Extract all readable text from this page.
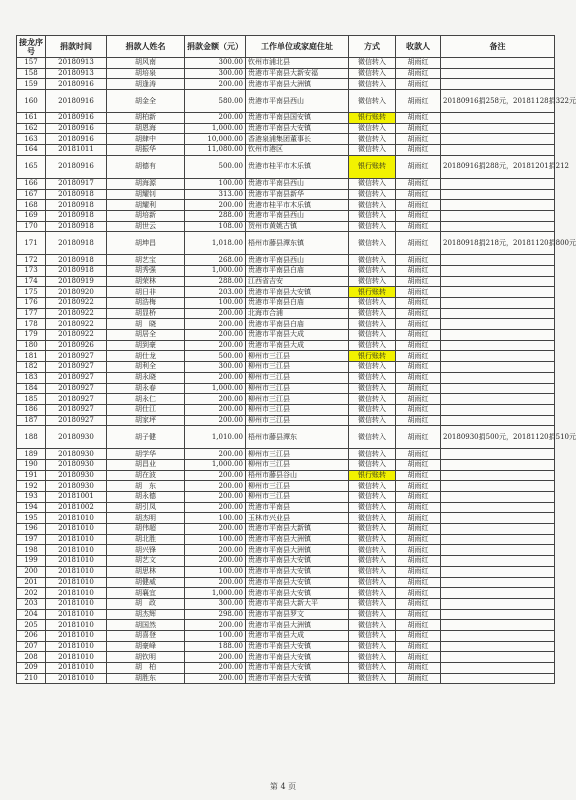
接龙序号	捐款时间	捐款人姓名	捐款金额（元）	工作单位或家庭住址	方式	收款人	备注
157	20180913	胡风南	300.00	钦州市浦北县	微信转入	胡雨红	
158	20180913	胡培泉	300.00	贵港市平南县大新安福	微信转入	胡雨红	
159	20180916	胡逢涛	200.00	贵港市平南县大洲镇	微信转入	胡雨红	
160	20180916	胡金全	580.00	贵港市平南县西山	微信转入	胡雨红	20180916捐258元，20181128捐322元
161	20180916	胡柏新	200.00	贵港市平南县国安镇	银行账转	胡雨红	
162	20180916	胡恩海	1,000.00	贵港市平南县大安镇	微信转入	胡雨红	
163	20180916	胡肆中	10,000.00	香港泉浦集团董事长	微信转入	胡雨红	
164	20181011	胡振华	11,080.00	钦州市港区	微信转入	胡雨红	
165	20180916	胡德有	500.00	贵港市桂平市木乐镇	银行账转	胡雨红	20180916捐288元，20181201捐212
166	20180917	胡海源	100.00	贵港市平南县西山	微信转入	胡雨红	
167	20180918	胡耀钊	313.00	贵港市平南县新华	微信转入	胡雨红	
168	20180918	胡耀利	200.00	贵港市桂平市木乐镇	微信转入	胡雨红	
169	20180918	胡培新	288.00	贵港市平南县西山	微信转入	胡雨红	
170	20180918	胡世云	108.00	贺州市黄姚古镇	微信转入	胡雨红	
171	20180918	胡坤昌	1,018.00	梧州市藤县潭东镇	微信转入	胡雨红	20180918捐218元，20181120捐800元
172	20180918	胡艺宝	268.00	贵港市平南县西山	微信转入	胡雨红	
173	20180918	胡秀强	1,000.00	贵港市平南县白庙	微信转入	胡雨红	
174	20180919	胡荣林	288.00	江西省吉安	微信转入	胡雨红	
175	20180920	胡日非	203.00	贵港市平南县大安镇	银行账转	胡雨红	
176	20180922	胡浩梅	100.00	贵港市平南县白庙	微信转入	胡雨红	
177	20180922	胡显桥	200.00	北海市合浦	微信转入	胡雨红	
178	20180922	胡　晓	200.00	贵港市平南县白庙	微信转入	胡雨红	
179	20180922	胡居全	200.00	贵港市平南县大成	微信转入	胡雨红	
180	20180926	胡到豪	200.00	贵港市平南县大成	微信转入	胡雨红	
181	20180927	胡仕龙	500.00	柳州市三江县	银行账转	胡雨红	
182	20180927	胡利全	300.00	柳州市三江县	微信转入	胡雨红	
183	20180927	胡永晓	200.00	柳州市三江县	微信转入	胡雨红	
184	20180927	胡永春	1,000.00	柳州市三江县	微信转入	胡雨红	
185	20180927	胡永仁	200.00	柳州市三江县	微信转入	胡雨红	
186	20180927	胡仕江	200.00	柳州市三江县	微信转入	胡雨红	
187	20180927	胡家坪	200.00	柳州市三江县	微信转入	胡雨红	
188	20180930	胡子健	1,010.00	梧州市藤县潭东	微信转入	胡雨红	20180930捐500元，20181120捐510元
189	20180930	胡学华	200.00	柳州市三江县	微信转入	胡雨红	
190	20180930	胡昌业	1,000.00	柳州市三江县	微信转入	胡雨红	
191	20180930	胡在波	200.00	梧州市藤县谷山	银行账转	胡雨红	
192	20180930	胡　东	200.00	柳州市三江县	微信转入	胡雨红	
193	20181001	胡永德	200.00	柳州市三江县	微信转入	胡雨红	
194	20181002	胡引凤	200.00	贵港市平南县	微信转入	胡雨红	
195	20181010	胡杰明	100.00	玉林市兴业县	微信转入	胡雨红	
196	20181010	胡伟超	200.00	贵港市平南县大新镇	微信转入	胡雨红	
197	20181010	胡北胜	100.00	贵港市平南县大洲镇	微信转入	胡雨红	
198	20181010	胡兴锋	200.00	贵港市平南县大洲镇	微信转入	胡雨红	
199	20181010	胡艺文	200.00	贵港市平南县大安镇	微信转入	胡雨红	
200	20181010	胡思林	100.00	贵港市平南县大安镇	微信转入	胡雨红	
201	20181010	胡健威	200.00	贵港市平南县大安镇	微信转入	胡雨红	
202	20181010	胡襄宜	1,000.00	贵港市平南县大安镇	微信转入	胡雨红	
203	20181010	胡　政	300.00	贵港市平南县大新大平	微信转入	胡雨红	
204	20181010	胡杰辉	298.00	贵港市平南县罗文	微信转入	胡雨红	
205	20181010	胡国然	200.00	贵港市平南县大洲镇	微信转入	胡雨红	
206	20181010	胡喜登	100.00	贵港市平南县大成	微信转入	胡雨红	
207	20181010	胡豪峰	188.00	贵港市平南县大安镇	微信转入	胡雨红	
208	20181010	胡钦明	200.00	贵港市平南县大安镇	微信转入	胡雨红	
209	20181010	胡　柏	200.00	贵港市平南县大安镇	微信转入	胡雨红	
210	20181010	胡胜东	200.00	贵港市平南县大安镇	微信转入	胡雨红	
第 4 页
